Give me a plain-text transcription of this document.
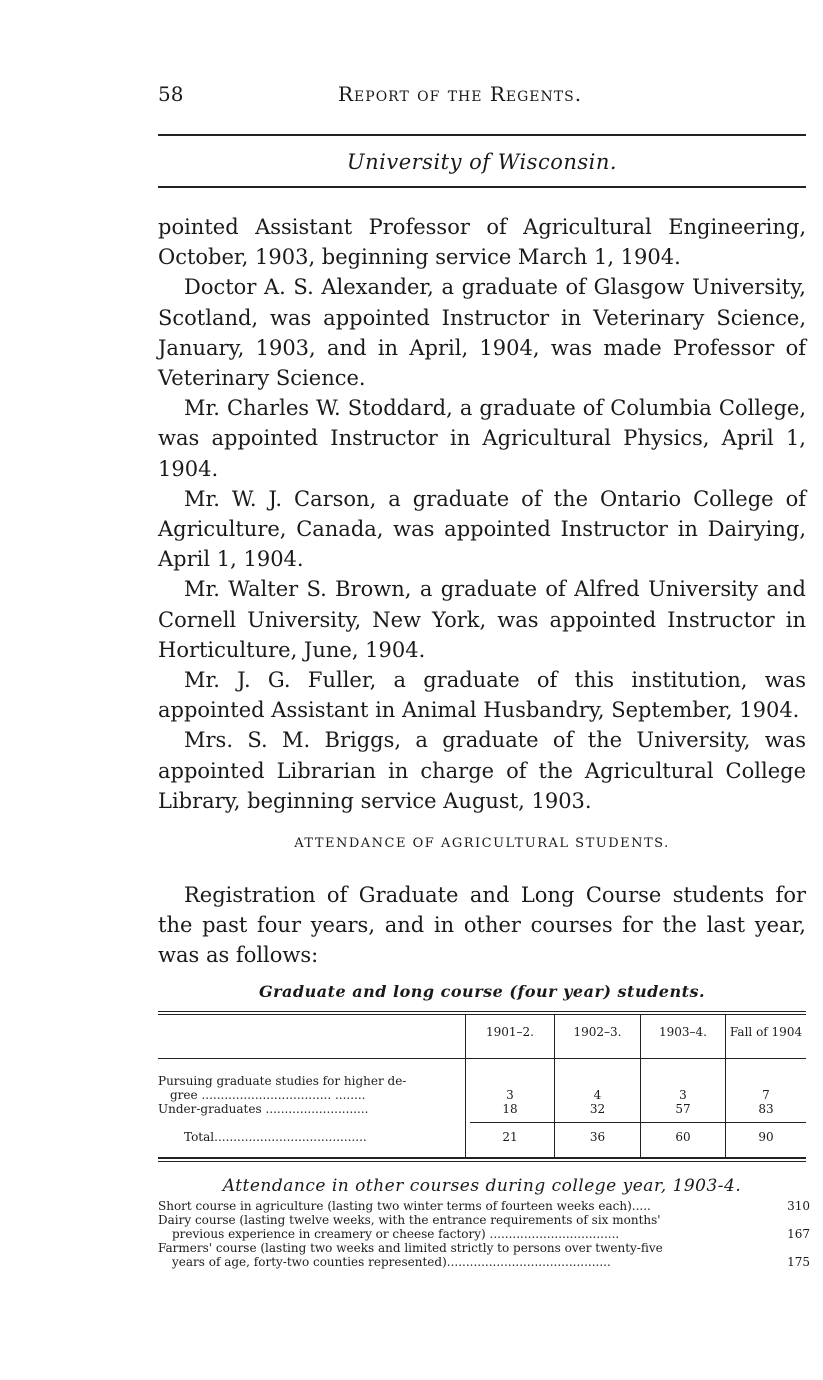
58	Report of the Regents.
University of Wisconsin.

pointed Assistant Professor of Agricultural Engineering, October, 1903, beginning service March 1, 1904.

Doctor A. S. Alexander, a graduate of Glasgow University, Scotland, was appointed Instructor in Veterinary Science, January, 1903, and in April, 1904, was made Professor of Veterinary Science.

Mr. Charles W. Stoddard, a graduate of Columbia College, was appointed Instructor in Agricultural Physics, April 1, 1904.

Mr. W. J. Carson, a graduate of the Ontario College of Agriculture, Canada, was appointed Instructor in Dairying, April 1, 1904.

Mr. Walter S. Brown, a graduate of Alfred University and Cornell University, New York, was appointed Instructor in Horticulture, June, 1904.

Mr. J. G. Fuller, a graduate of this institution, was appointed Assistant in Animal Husbandry, September, 1904.

Mrs. S. M. Briggs, a graduate of the University, was appointed Librarian in charge of the Agricultural College Library, beginning service August, 1903.

ATTENDANCE OF AGRICULTURAL STUDENTS.

Registration of Graduate and Long Course students for the past four years, and in other courses for the last year, was as follows:

Graduate and long course (four year) students.
1901–2.	1902–3.	1903–4.	Fall of 1904
Pursuing graduate studies for higher de-
gree .................................. ........	3	4	3	7
Under-graduates ...........................	18	32	57	83
Total........................................	21	36	60	90
Attendance in other courses during college year, 1903-4.
Short course in agriculture (lasting two winter terms of fourteen weeks each).....	310
Dairy course (lasting twelve weeks, with the entrance requirements of six months'
previous experience in creamery or cheese factory) ..................................	167
Farmers' course (lasting two weeks and limited strictly to persons over twenty-five
years of age, forty-two counties represented)...........................................	175
